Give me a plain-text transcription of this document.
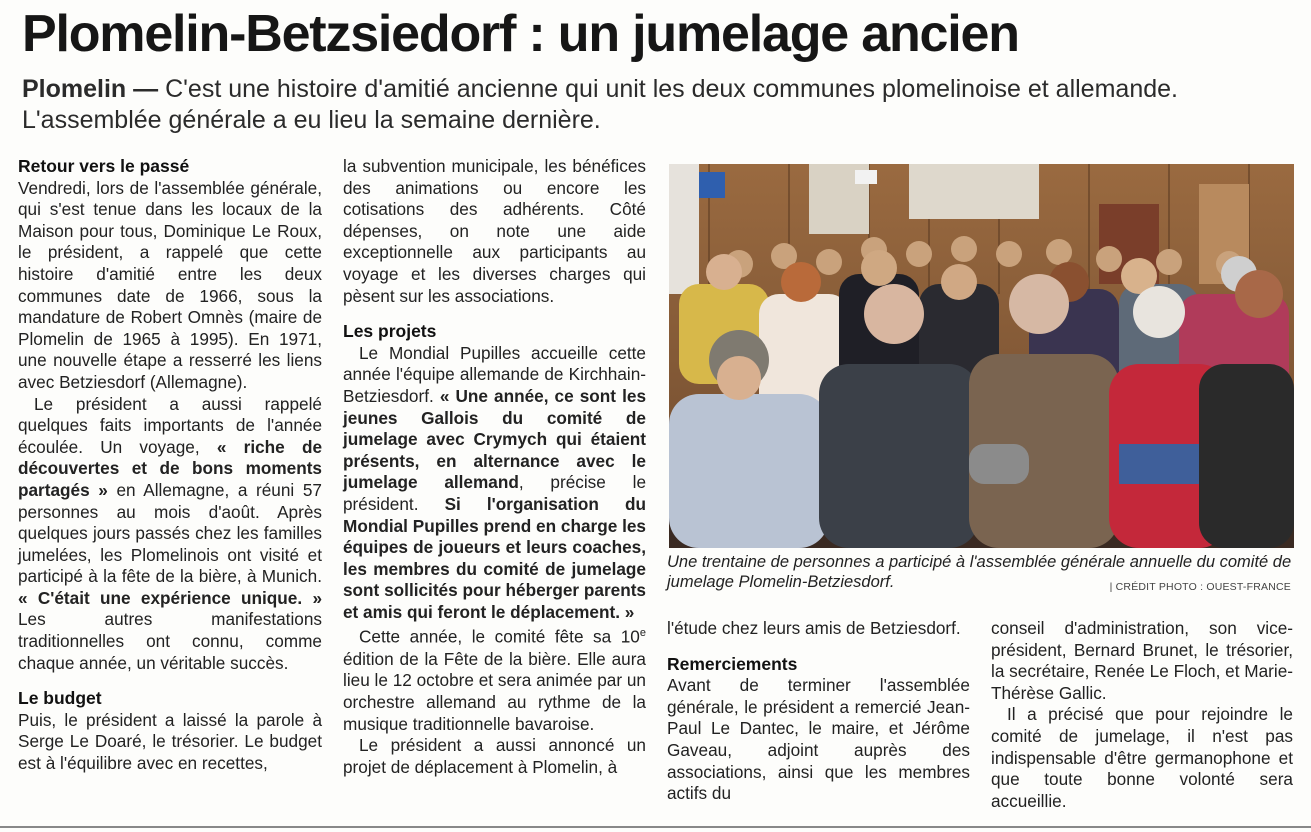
Plomelin-Betzsiedorf : un jumelage ancien

Plomelin — C'est une histoire d'amitié ancienne qui unit les deux communes plomelinoise et allemande. L'assemblée générale a eu lieu la semaine dernière.

Retour vers le passé

Vendredi, lors de l'assemblée générale, qui s'est tenue dans les locaux de la Maison pour tous, Dominique Le Roux, le président, a rappelé que cette histoire d'amitié entre les deux communes date de 1966, sous la mandature de Robert Omnès (maire de Plomelin de 1965 à 1995). En 1971, une nouvelle étape a resserré les liens avec Betziesdorf (Allemagne).

Le président a aussi rappelé quelques faits importants de l'année écoulée. Un voyage, « riche de découvertes et de bons moments partagés » en Allemagne, a réuni 57 personnes au mois d'août. Après quelques jours passés chez les familles jumelées, les Plomelinois ont visité et participé à la fête de la bière, à Munich. « C'était une expérience unique. » Les autres manifestations traditionnelles ont connu, comme chaque année, un véritable succès.

Le budget

Puis, le président a laissé la parole à Serge Le Doaré, le trésorier. Le budget est à l'équilibre avec en recettes,

la subvention municipale, les bénéfices des animations ou encore les cotisations des adhérents. Côté dépenses, on note une aide exceptionnelle aux participants au voyage et les diverses charges qui pèsent sur les associations.

Les projets

Le Mondial Pupilles accueille cette année l'équipe allemande de Kirchhain-Betziesdorf. « Une année, ce sont les jeunes Gallois du comité de jumelage avec Crymych qui étaient présents, en alternance avec le jumelage allemand, précise le président. Si l'organisation du Mondial Pupilles prend en charge les équipes de joueurs et leurs coaches, les membres du comité de jumelage sont sollicités pour héberger parents et amis qui feront le déplacement. »

Cette année, le comité fête sa 10e édition de la Fête de la bière. Elle aura lieu le 12 octobre et sera animée par un orchestre allemand au rythme de la musique traditionnelle bavaroise.

Le président a aussi annoncé un projet de déplacement à Plomelin, à

Une trentaine de personnes a participé à l'assemblée générale annuelle du comité de jumelage Plomelin-Betziesdorf.	| CRÉDIT PHOTO : OUEST-FRANCE

l'étude chez leurs amis de Betziesdorf.

Remerciements

Avant de terminer l'assemblée générale, le président a remercié Jean-Paul Le Dantec, le maire, et Jérôme Gaveau, adjoint auprès des associations, ainsi que les membres actifs du

conseil d'administration, son vice-président, Bernard Brunet, le trésorier, la secrétaire, Renée Le Floch, et Marie-Thérèse Gallic.

Il a précisé que pour rejoindre le comité de jumelage, il n'est pas indispensable d'être germanophone et que toute bonne volonté sera accueillie.
